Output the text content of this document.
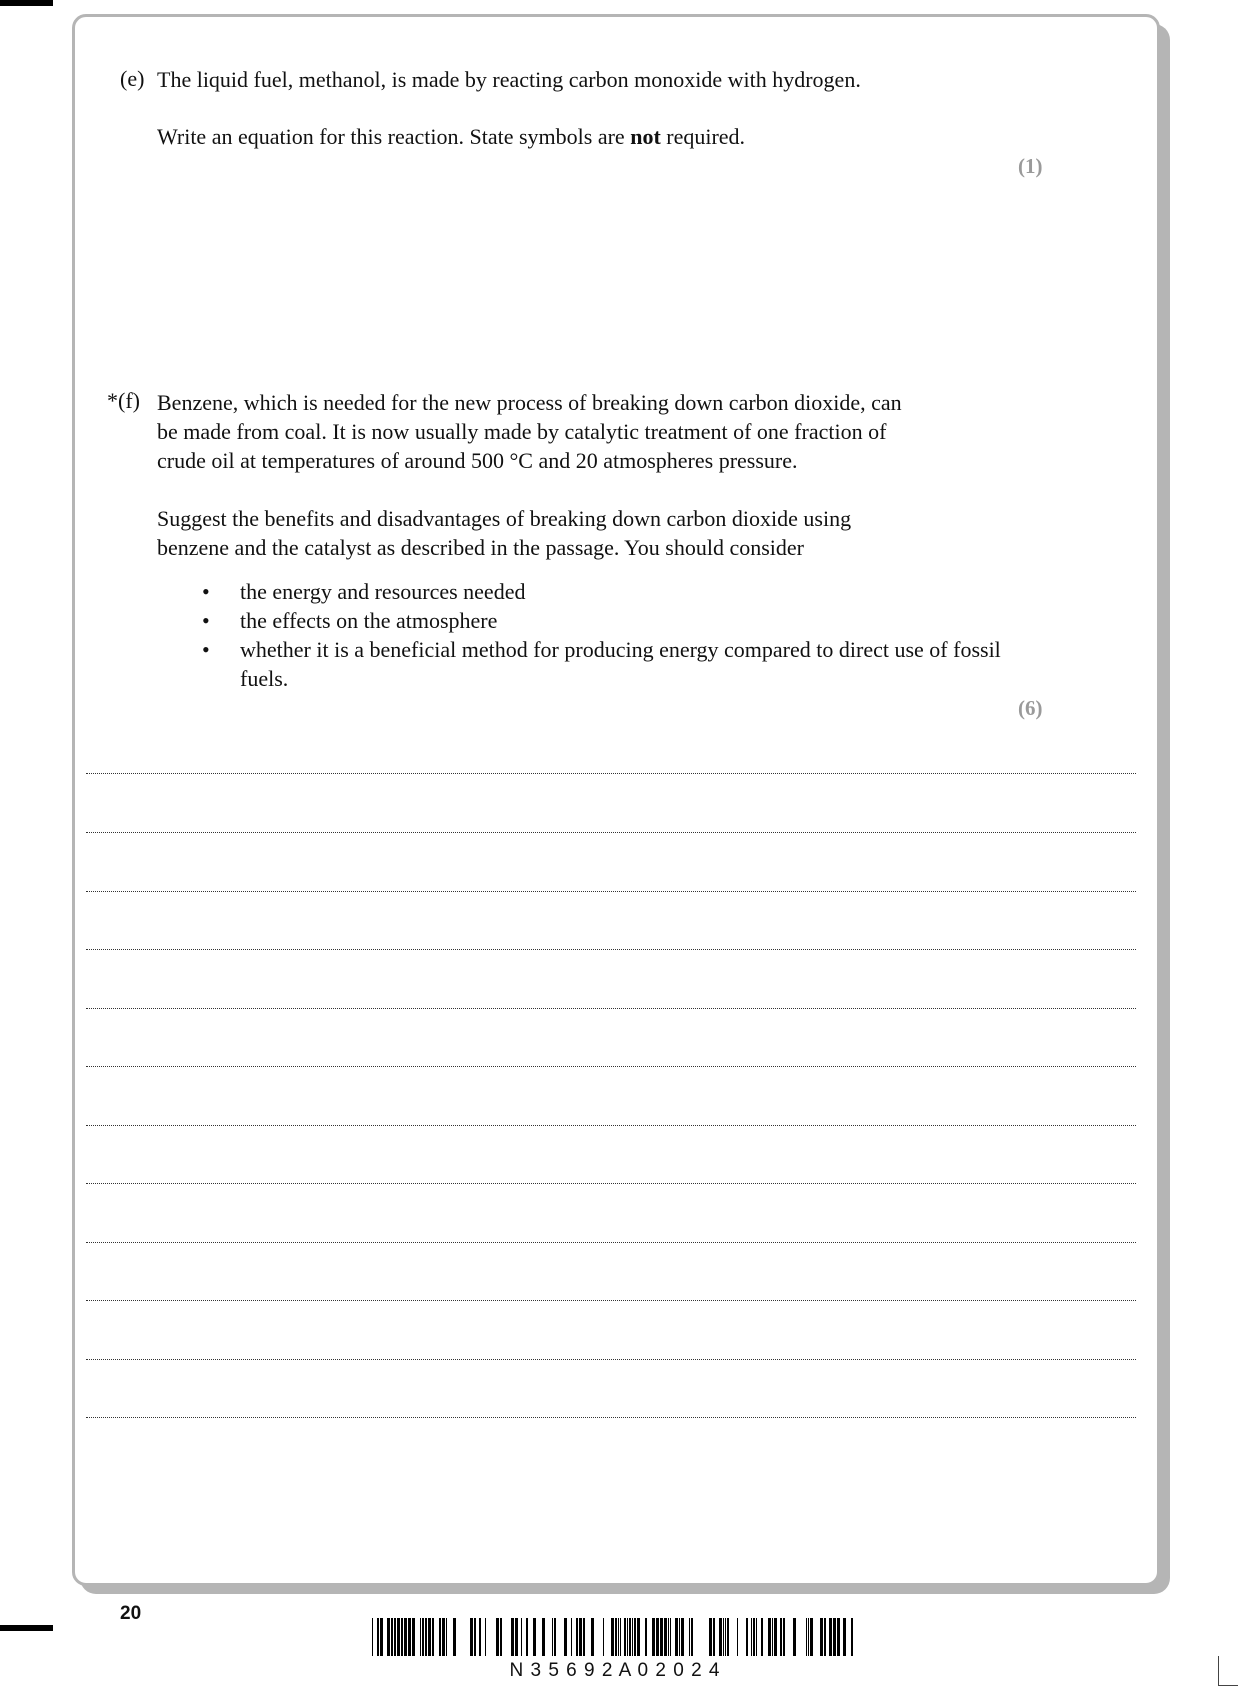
(e) The liquid fuel, methanol, is made by reacting carbon monoxide with hydrogen.
Write an equation for this reaction. State symbols are not required.
(1)
*(f) Benzene, which is needed for the new process of breaking down carbon dioxide, can
be made from coal. It is now usually made by catalytic treatment of one fraction of
crude oil at temperatures of around 500 °C and 20 atmospheres pressure.
Suggest the benefits and disadvantages of breaking down carbon dioxide using
benzene and the catalyst as described in the passage. You should consider
• the energy and resources needed
• the effects on the atmosphere
• whether it is a beneficial method for producing energy compared to direct use of fossil fuels.
(6)
20
N 3 5 6 9 2 A 0 2 0 2 4
